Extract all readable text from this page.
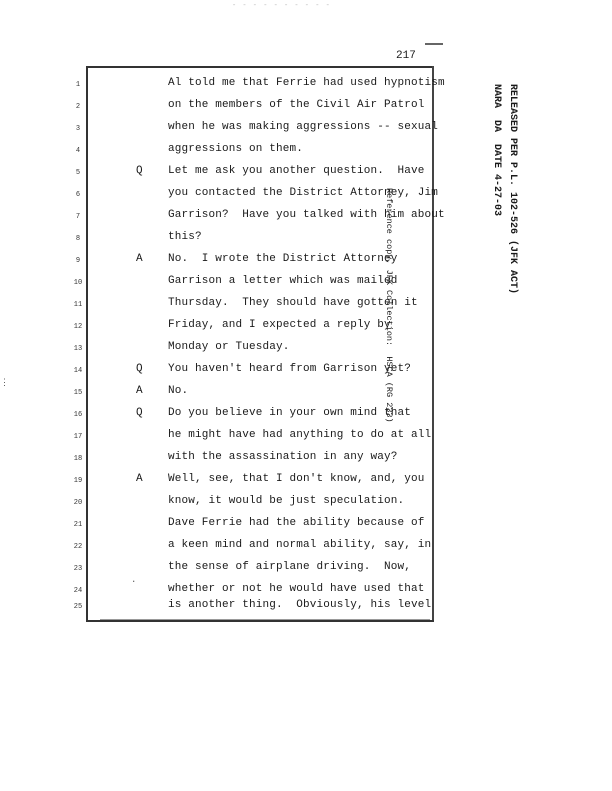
- - - - - - - - - -
217
1	Al told me that Ferrie had used hypnotism
2	on the members of the Civil Air Patrol
3	when he was making aggressions -- sexual
4	aggressions on them.
5	Q	Let me ask you another question.  Have
6	you contacted the District Attorney, Jim
7	Garrison?  Have you talked with him about
8	this?
9	A	No.  I wrote the District Attorney
10	Garrison a letter which was mailed
11	Thursday.  They should have gotten it
12	Friday, and I expected a reply by
13	Monday or Tuesday.
14	Q	You haven't heard from Garrison yet?
15	A	No.
16	Q	Do you believe in your own mind that
17	he might have had anything to do at all
18	with the assassination in any way?
19	A	Well, see, that I don't know, and, you
20	know, it would be just speculation.
21	Dave Ferrie had the ability because of
22	a keen mind and normal ability, say, in
23	the sense of airplane driving.  Now,
24	whether or not he would have used that
25	is another thing.  Obviously, his level
Reference copy, JFK Collection:  HSCA (RG 233)	RELEASED PER P.L. 102-526 (JFK ACT)
NARA  DA  DATE 4-27-03
⋮
·
